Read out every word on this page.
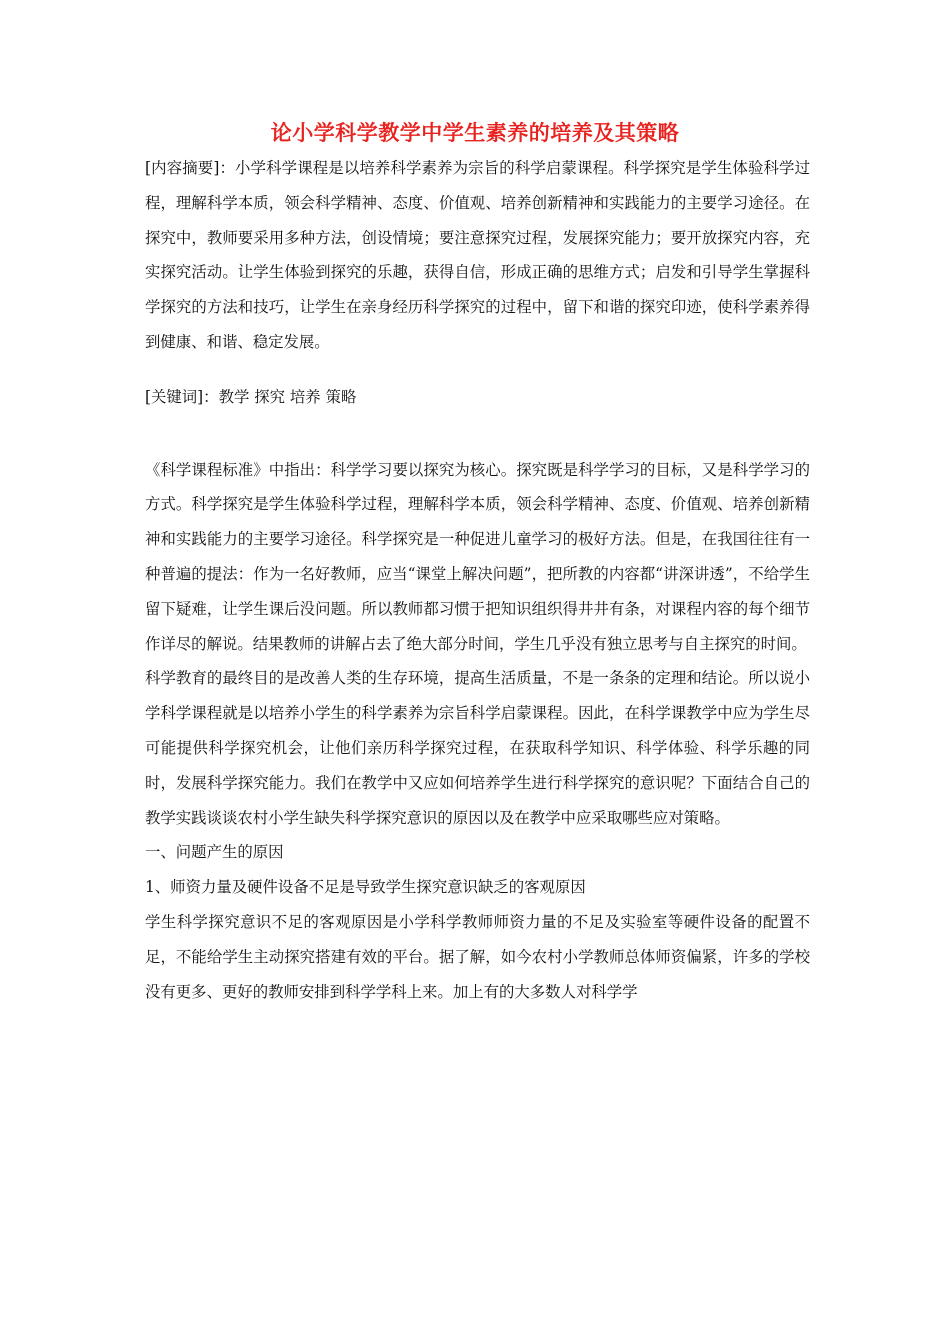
论小学科学教学中学生素养的培养及其策略

[内容摘要]：小学科学课程是以培养科学素养为宗旨的科学启蒙课程。科学探究是学生体验科学过程，理解科学本质，领会科学精神、态度、价值观、培养创新精神和实践能力的主要学习途径。在探究中，教师要采用多种方法，创设情境；要注意探究过程，发展探究能力；要开放探究内容，充实探究活动。让学生体验到探究的乐趣，获得自信，形成正确的思维方式；启发和引导学生掌握科学探究的方法和技巧，让学生在亲身经历科学探究的过程中，留下和谐的探究印迹，使科学素养得到健康、和谐、稳定发展。

[关键词]：教学 探究 培养 策略

《科学课程标准》中指出：科学学习要以探究为核心。探究既是科学学习的目标，又是科学学习的方式。科学探究是学生体验科学过程，理解科学本质，领会科学精神、态度、价值观、培养创新精神和实践能力的主要学习途径。科学探究是一种促进儿童学习的极好方法。但是，在我国往往有一种普遍的提法：作为一名好教师，应当“课堂上解决问题”，把所教的内容都“讲深讲透”，不给学生留下疑难，让学生课后没问题。所以教师都习惯于把知识组织得井井有条，对课程内容的每个细节作详尽的解说。结果教师的讲解占去了绝大部分时间，学生几乎没有独立思考与自主探究的时间。

科学教育的最终目的是改善人类的生存环境，提高生活质量，不是一条条的定理和结论。所以说小学科学课程就是以培养小学生的科学素养为宗旨科学启蒙课程。因此，在科学课教学中应为学生尽可能提供科学探究机会，让他们亲历科学探究过程，在获取科学知识、科学体验、科学乐趣的同时，发展科学探究能力。我们在教学中又应如何培养学生进行科学探究的意识呢？下面结合自己的教学实践谈谈农村小学生缺失科学探究意识的原因以及在教学中应采取哪些应对策略。

一、问题产生的原因

1、师资力量及硬件设备不足是导致学生探究意识缺乏的客观原因

学生科学探究意识不足的客观原因是小学科学教师师资力量的不足及实验室等硬件设备的配置不足，不能给学生主动探究搭建有效的平台。据了解，如今农村小学教师总体师资偏紧，许多的学校没有更多、更好的教师安排到科学学科上来。加上有的大多数人对科学学
